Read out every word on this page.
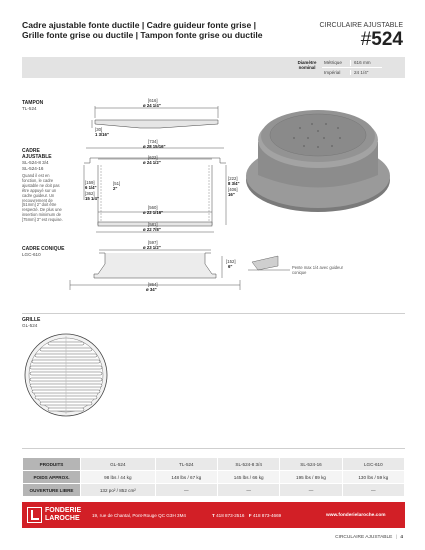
Cadre ajustable fonte ductile | Cadre guideur fonte grise |
Grille fonte grise ou ductile | Tampon fonte grise ou ductile
CIRCULAIRE AJUSTABLE
#524
Diamètre
nominal
Métrique	616 mm
Impérial	24 1/4"
TAMPON
TL-524
CADRE
AJUSTABLE
SL-524-8 3/4
SL-524-16
Quand il est en fonction, le cadre ajustable ne doit pas être appuyé sur un cadre guideur. Un recouvrement de [51mm] 2" doit être respecté. De plus une insertion minimum de [75mm] 3" est requise.
CADRE CONIQUE
LGC-610
GRILLE
GL-524
[616]
ø 24 1/4"
[30]
1 3/16"
[734]
ø 28 15/16"
[622]
ø 24 1/2"
[159]
6 1/4"
[362]
15 1/4"
[51]
2"
[222]
8 3/4"
[406]
16"
[560]
ø 22 1/16"
[581]
ø 22 7/8"
[597]
ø 23 1/2"
[152]
6"
[864]
ø 34"
Pente max 1/4 avec guideur conique
PRODUITS	GL-524	TL-524	SL-524-8 3/4	SL-524-16	LGC-610
POIDS APPROX.	98 lbs / 44 kg	148 lbs / 67 kg	145 lbs / 66 kg	195 lbs / 89 kg	130 lbs / 59 kg
OUVERTURE LIBRE	132 po² / 852 cm²	—	—	—	—
FONDERIE
LAROCHE	19, rue de Chantal, Pont-Rouge QC G3H 3M4	T 418 873-2516 F 418 873-4669	www.fonderielaroche.com
CIRCULAIRE AJUSTABLE | 4
